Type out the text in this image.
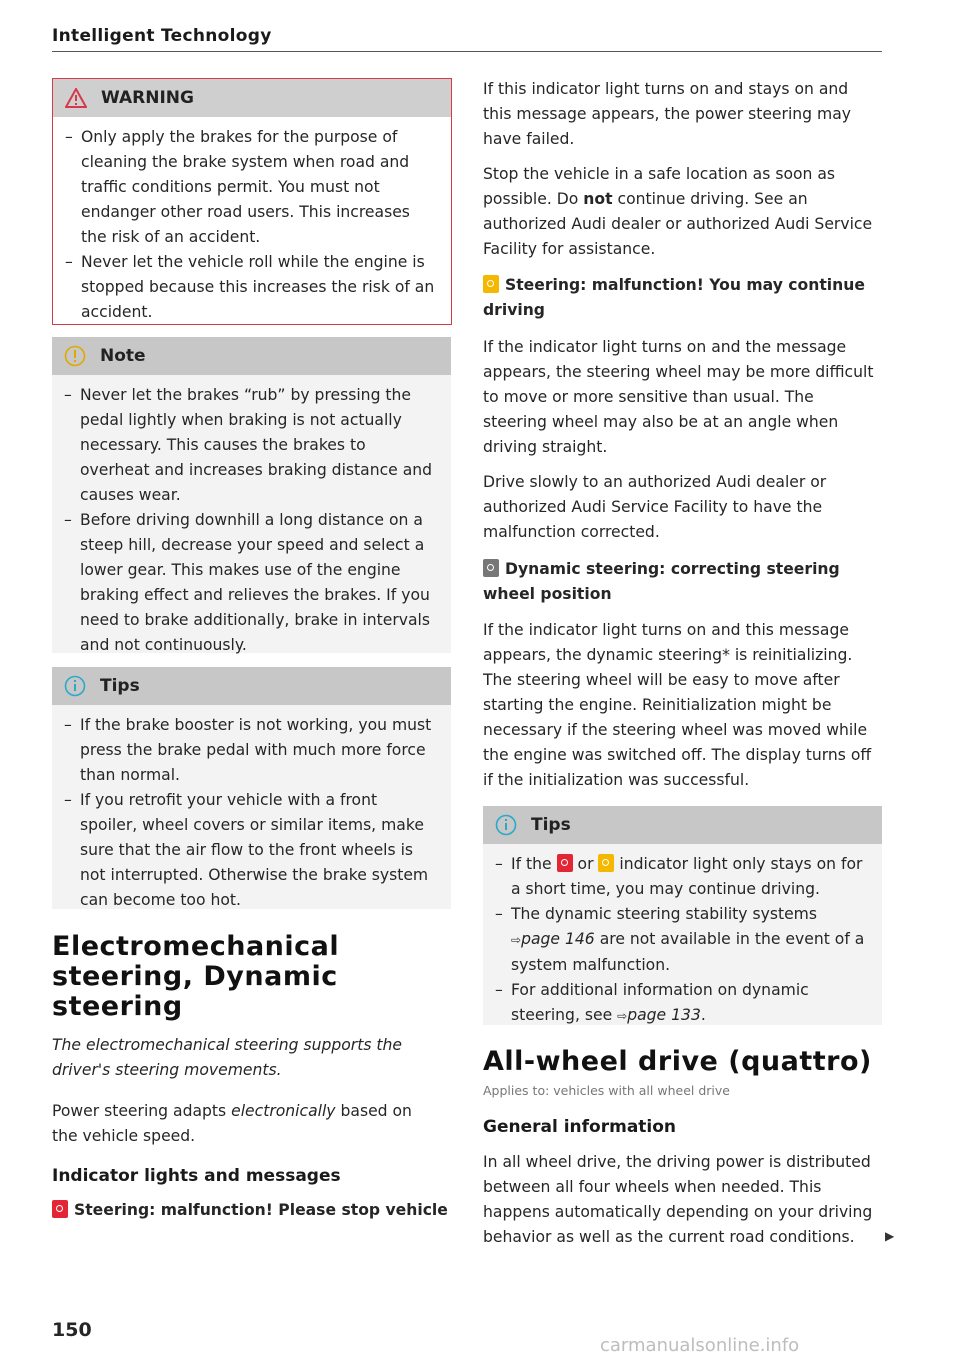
Intelligent Technology
WARNING
– Only apply the brakes for the purpose of cleaning the brake system when road and traffic conditions permit. You must not endanger other road users. This increases the risk of an accident.
– Never let the vehicle roll while the engine is stopped because this increases the risk of an accident.
Note
– Never let the brakes “rub” by pressing the pedal lightly when braking is not actually necessary. This causes the brakes to overheat and increases braking distance and causes wear.
– Before driving downhill a long distance on a steep hill, decrease your speed and select a lower gear. This makes use of the engine braking effect and relieves the brakes. If you need to brake additionally, brake in intervals and not continuously.
Tips
– If the brake booster is not working, you must press the brake pedal with much more force than normal.
– If you retrofit your vehicle with a front spoiler, wheel covers or similar items, make sure that the air flow to the front wheels is not interrupted. Otherwise the brake system can become too hot.
Electromechanical
steering, Dynamic
steering
The electromechanical steering supports the driver's steering movements.
Power steering adapts electronically based on the vehicle speed.
Indicator lights and messages
Steering: malfunction! Please stop vehicle
150
If this indicator light turns on and stays on and this message appears, the power steering may have failed.
Stop the vehicle in a safe location as soon as possible. Do not continue driving. See an authorized Audi dealer or authorized Audi Service Facility for assistance.
Steering: malfunction! You may continue driving
If the indicator light turns on and the message appears, the steering wheel may be more difficult to move or more sensitive than usual. The steering wheel may also be at an angle when driving straight.
Drive slowly to an authorized Audi dealer or authorized Audi Service Facility to have the malfunction corrected.
Dynamic steering: correcting steering wheel position
If the indicator light turns on and this message appears, the dynamic steering* is reinitializing. The steering wheel will be easy to move after starting the engine. Reinitialization might be necessary if the steering wheel was moved while the engine was switched off. The display turns off if the initialization was successful.
Tips
– If the  or  indicator light only stays on for a short time, you may continue driving.
– The dynamic steering stability systems ⇨page 146 are not available in the event of a system malfunction.
– For additional information on dynamic steering, see ⇨page 133.
All-wheel drive (quattro)
Applies to: vehicles with all wheel drive
General information
In all wheel drive, the driving power is distributed between all four wheels when needed. This happens automatically depending on your driving behavior as well as the current road conditions.	▶
carmanualsonline.info
